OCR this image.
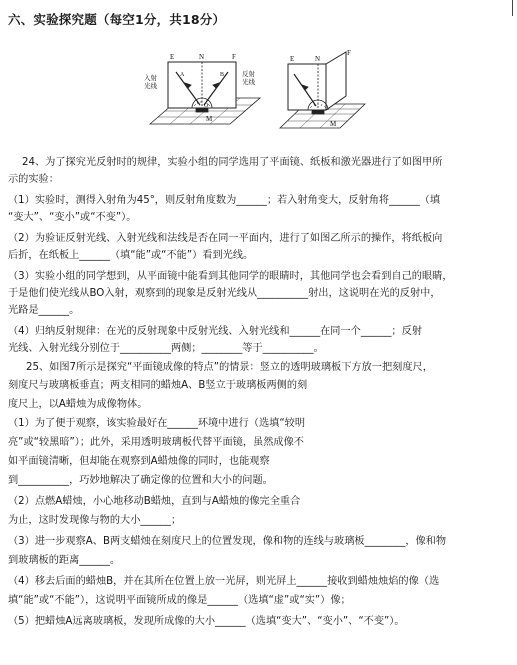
六、实验探究题（每空1分，共18分）
E	N	F
入射
光线
A	B	反射
光线
O
M
E	N
F
M
24、为了探究光反射时的规律，实验小组的同学选用了平面镜、纸板和激光器进行了如图甲所
示的实验：
（1）实验时，测得入射角为45°，则反射角度数为______；若入射角变大，反射角将______（填
“变大”、“变小”或“不变”）。
（2）为验证反射光线、入射光线和法线是否在同一平面内，进行了如图乙所示的操作，将纸板向
后折，在纸板上______（填“能”或“不能”）看到光线。
（3）实验小组的同学想到，从平面镜中能看到其他同学的眼睛时，其他同学也会看到自己的眼睛，
于是他们使光线从BO入射，观察到的现象是反射光线从__________射出，这说明在光的反射中，
光路是______。
（4）归纳反射规律：在光的反射现象中反射光线、入射光线和______在同一个______；反射
光线、入射光线分别位于__________两侧；________等于__________。
25、如图7所示是探究“平面镜成像的特点”的情景：竖立的透明玻璃板下方放一把刻度尺，
刻度尺与玻璃板垂直；两支相同的蜡烛A、B竖立于玻璃板两侧的刻
度尺上，以A蜡烛为成像物体。
（1）为了便于观察，该实验最好在______环境中进行（选填“较明
亮”或“较黑暗”）；此外，采用透明玻璃板代替平面镜，虽然成像不
如平面镜清晰，但却能在观察到A蜡烛像的同时，也能观察
到__________，巧妙地解决了确定像的位置和大小的问题。
（2）点燃A蜡烛，小心地移动B蜡烛，直到与A蜡烛的像完全重合
为止，这时发现像与物的大小______；
（3）进一步观察A、B两支蜡烛在刻度尺上的位置发现，像和物的连线与玻璃板________，像和物
到玻璃板的距离______。
（4）移去后面的蜡烛B，并在其所在位置上放一光屏，则光屏上______接收到蜡烛烛焰的像（选
填“能”或“不能”），这说明平面镜所成的像是______（选填“虚”或“实”）像；
（5）把蜡烛A远离玻璃板，发现所成像的大小______（选填“变大”、“变小”、“不变”）。
